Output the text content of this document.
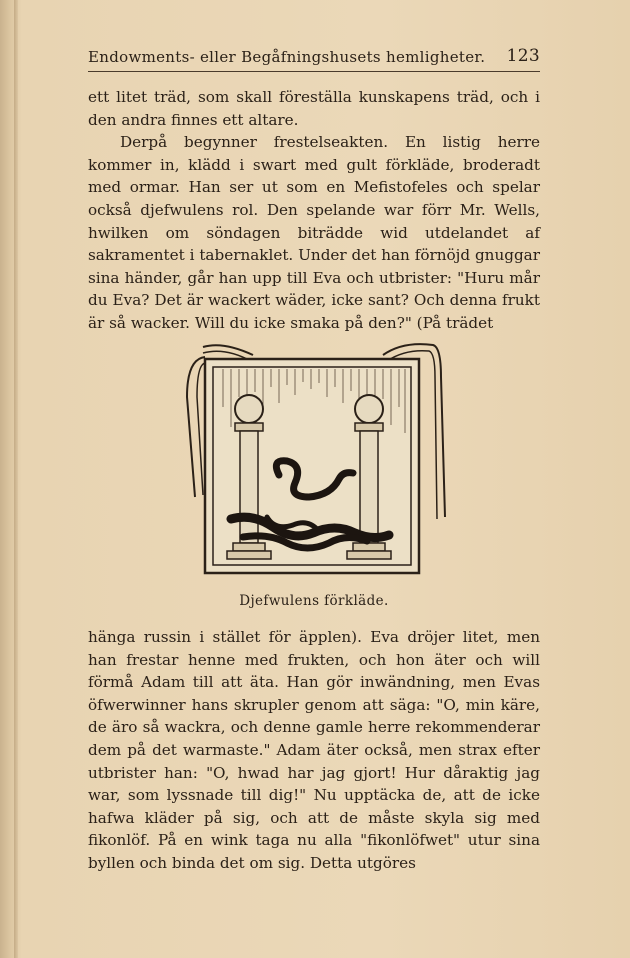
Endowments- eller Begåfningshusets hemligheter. 123

ett litet träd, som skall föreställa kunskapens träd, och i den andra finnes ett altare.

Derpå begynner frestelseakten. En listig herre kommer in, klädd i swart med gult förkläde, broderadt med ormar. Han ser ut som en Mefistofeles och spelar också djefwulens rol. Den spelande war förr Mr. Wells, hwilken om söndagen biträdde wid utdelandet af sakramentet i tabernaklet. Under det han förnöjd gnuggar sina händer, går han upp till Eva och utbrister: "Huru mår du Eva? Det är wackert wäder, icke sant? Och denna frukt är så wacker. Will du icke smaka på den?" (På trädet

Djefwulens förkläde.

hänga russin i stället för äpplen). Eva dröjer litet, men han frestar henne med frukten, och hon äter och will förmå Adam till att äta. Han gör inwändning, men Evas öfwerwinner hans skrupler genom att säga: "O, min käre, de äro så wackra, och denne gamle herre rekommenderar dem på det warmaste." Adam äter också, men strax efter utbrister han: "O, hwad har jag gjort! Hur dåraktig jag war, som lyssnade till dig!" Nu upptäcka de, att de icke hafwa kläder på sig, och att de måste skyla sig med fikonlöf. På en wink taga nu alla "fikonlöfwet" utur sina byllen och binda det om sig. Detta utgöres
